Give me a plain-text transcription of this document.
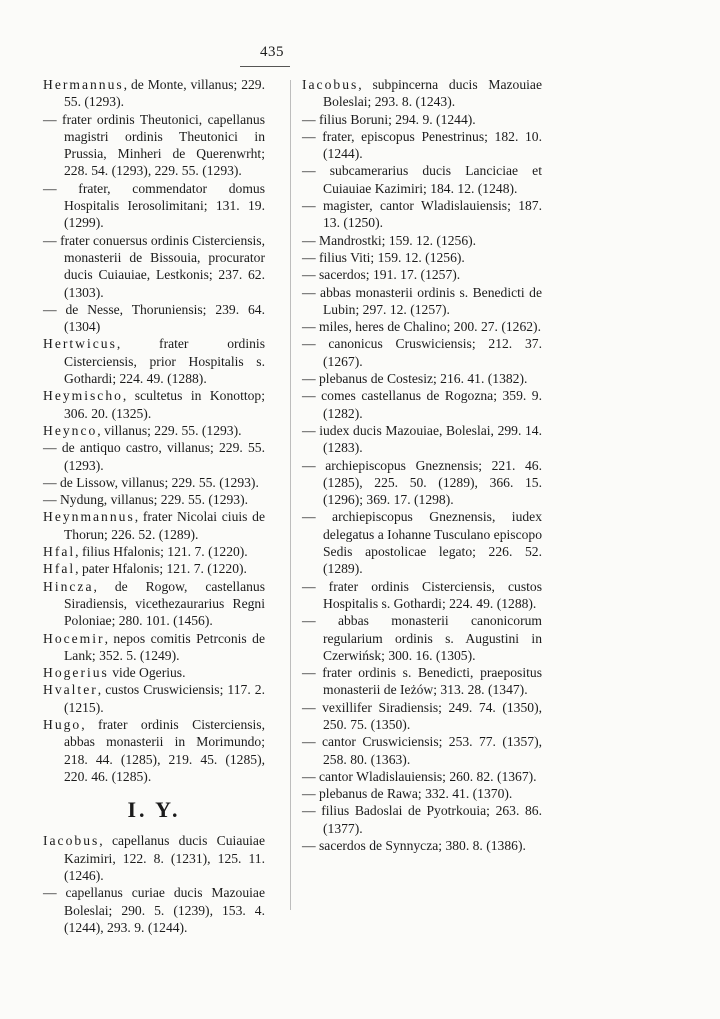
435

Hermannus, de Monte, villanus; 229. 55. (1293).

— frater ordinis Theutonici, capellanus magistri ordinis Theutonici in Prussia, Minheri de Querenwrht; 228. 54. (1293), 229. 55. (1293).

— frater, commendator domus Hospitalis Ierosolimitani; 131. 19. (1299).

— frater conuersus ordinis Cisterciensis, monasterii de Bissouia, procurator ducis Cuiauiae, Lestkonis; 237. 62. (1303).

— de Nesse, Thoruniensis; 239. 64. (1304)

Hertwicus, frater ordinis Cisterciensis, prior Hospitalis s. Gothardi; 224. 49. (1288).

Heymischo, scultetus in Konottop; 306. 20. (1325).

Heynco, villanus; 229. 55. (1293).

— de antiquo castro, villanus; 229. 55. (1293).

— de Lissow, villanus; 229. 55. (1293).

— Nydung, villanus; 229. 55. (1293).

Heynmannus, frater Nicolai ciuis de Thorun; 226. 52. (1289).

Hfal, filius Hfalonis; 121. 7. (1220).

Hfal, pater Hfalonis; 121. 7. (1220).

Hincza, de Rogow, castellanus Siradiensis, vicethezaurarius Regni Poloniae; 280. 101. (1456).

Hocemir, nepos comitis Petrconis de Lank; 352. 5. (1249).

Hogerius vide Ogerius.

Hvalter, custos Cruswiciensis; 117. 2. (1215).

Hugo, frater ordinis Cisterciensis, abbas monasterii in Morimundo; 218. 44. (1285), 219. 45. (1285), 220. 46. (1285).

I. Y.

Iacobus, capellanus ducis Cuiauiae Kazimiri, 122. 8. (1231), 125. 11. (1246).

— capellanus curiae ducis Mazouiae Boleslai; 290. 5. (1239), 153. 4. (1244), 293. 9. (1244).

Iacobus, subpincerna ducis Mazouiae Boleslai; 293. 8. (1243).

— filius Boruni; 294. 9. (1244).

— frater, episcopus Penestrinus; 182. 10. (1244).

— subcamerarius ducis Lanciciae et Cuiauiae Kazimiri; 184. 12. (1248).

— magister, cantor Wladislauiensis; 187. 13. (1250).

— Mandrostki; 159. 12. (1256).

— filius Viti; 159. 12. (1256).

— sacerdos; 191. 17. (1257).

— abbas monasterii ordinis s. Benedicti de Lubin; 297. 12. (1257).

— miles, heres de Chalino; 200. 27. (1262).

— canonicus Cruswiciensis; 212. 37. (1267).

— plebanus de Costesiz; 216. 41. (1382).

— comes castellanus de Rogozna; 359. 9. (1282).

— iudex ducis Mazouiae, Boleslai, 299. 14. (1283).

— archiepiscopus Gneznensis; 221. 46. (1285), 225. 50. (1289), 366. 15. (1296); 369. 17. (1298).

— archiepiscopus Gneznensis, iudex delegatus a Iohanne Tusculano episcopo Sedis apostolicae legato; 226. 52. (1289).

— frater ordinis Cisterciensis, custos Hospitalis s. Gothardi; 224. 49. (1288).

— abbas monasterii canonicorum regularium ordinis s. Augustini in Czerwińsk; 300. 16. (1305).

— frater ordinis s. Benedicti, praepositus monasterii de Ieżów; 313. 28. (1347).

— vexillifer Siradiensis; 249. 74. (1350), 250. 75. (1350).

— cantor Cruswiciensis; 253. 77. (1357), 258. 80. (1363).

— cantor Wladislauiensis; 260. 82. (1367).

— plebanus de Rawa; 332. 41. (1370).

— filius Badoslai de Pyotrkouia; 263. 86. (1377).

— sacerdos de Synnycza; 380. 8. (1386).
